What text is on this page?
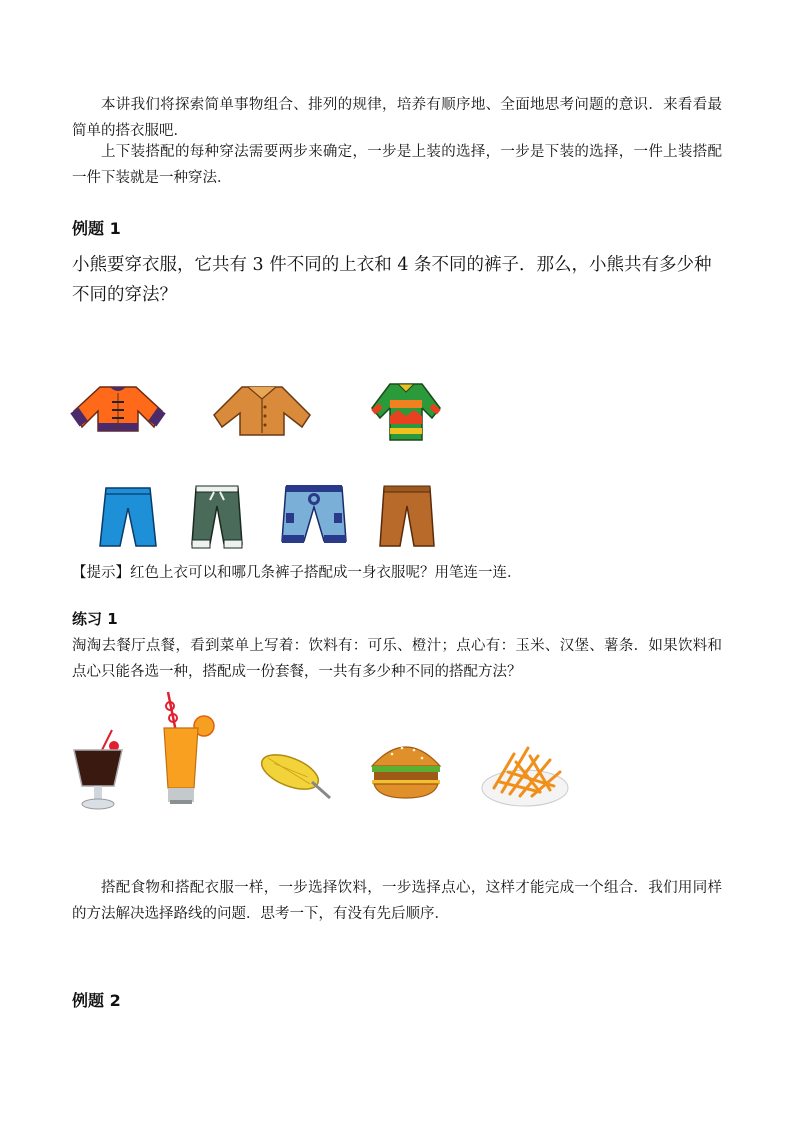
本讲我们将探索简单事物组合、排列的规律，培养有顺序地、全面地思考问题的意识．来看看最简单的搭衣服吧．
上下装搭配的每种穿法需要两步来确定，一步是上装的选择，一步是下装的选择，一件上装搭配一件下装就是一种穿法．
例题 1
小熊要穿衣服，它共有 3 件不同的上衣和 4 条不同的裤子．那么，小熊共有多少种不同的穿法？
【提示】红色上衣可以和哪几条裤子搭配成一身衣服呢？用笔连一连．
练习 1
淘淘去餐厅点餐，看到菜单上写着：饮料有：可乐、橙汁；点心有：玉米、汉堡、薯条．如果饮料和点心只能各选一种，搭配成一份套餐，一共有多少种不同的搭配方法？
搭配食物和搭配衣服一样，一步选择饮料，一步选择点心，这样才能完成一个组合．我们用同样的方法解决选择路线的问题．思考一下，有没有先后顺序．
例题 2
